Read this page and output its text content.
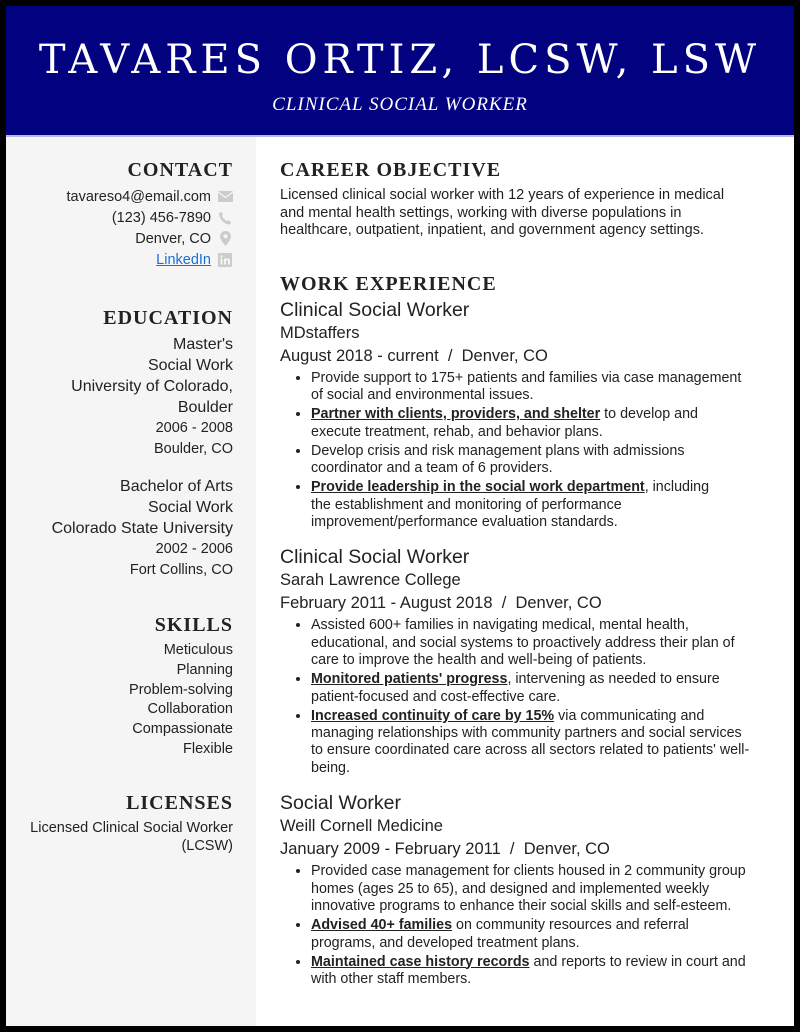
TAVARES ORTIZ, LCSW, LSW
CLINICAL SOCIAL WORKER
CONTACT
tavareso4@email.com
(123) 456-7890
Denver, CO
LinkedIn
EDUCATION
Master's
Social Work
University of Colorado, Boulder
2006 - 2008
Boulder, CO
Bachelor of Arts
Social Work
Colorado State University
2002 - 2006
Fort Collins, CO
SKILLS
Meticulous
Planning
Problem-solving
Collaboration
Compassionate
Flexible
LICENSES
Licensed Clinical Social Worker (LCSW)
CAREER OBJECTIVE
Licensed clinical social worker with 12 years of experience in medical and mental health settings, working with diverse populations in healthcare, outpatient, inpatient, and government agency settings.
WORK EXPERIENCE
Clinical Social Worker
MDstaffers
August 2018 - current / Denver, CO
• Provide support to 175+ patients and families via case management of social and environmental issues.
• Partner with clients, providers, and shelter to develop and execute treatment, rehab, and behavior plans.
• Develop crisis and risk management plans with admissions coordinator and a team of 6 providers.
• Provide leadership in the social work department, including the establishment and monitoring of performance improvement/performance evaluation standards.
Clinical Social Worker
Sarah Lawrence College
February 2011 - August 2018 / Denver, CO
• Assisted 600+ families in navigating medical, mental health, educational, and social systems to proactively address their plan of care to improve the health and well-being of patients.
• Monitored patients' progress, intervening as needed to ensure patient-focused and cost-effective care.
• Increased continuity of care by 15% via communicating and managing relationships with community partners and social services to ensure coordinated care across all sectors related to patients' well-being.
Social Worker
Weill Cornell Medicine
January 2009 - February 2011 / Denver, CO
• Provided case management for clients housed in 2 community group homes (ages 25 to 65), and designed and implemented weekly innovative programs to enhance their social skills and self-esteem.
• Advised 40+ families on community resources and referral programs, and developed treatment plans.
• Maintained case history records and reports to review in court and with other staff members.
